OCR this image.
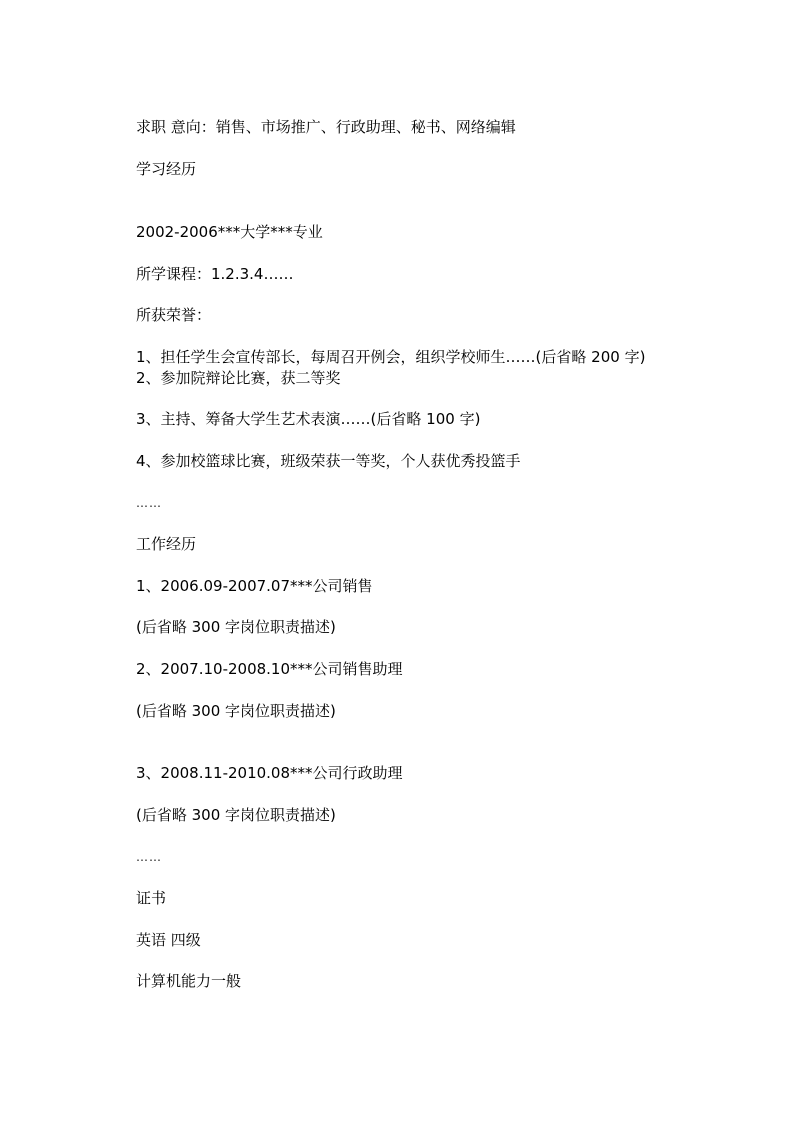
求职 意向：销售、市场推广、行政助理、秘书、网络编辑
学习经历
2002-2006***大学***专业
所学课程：1.2.3.4……
所获荣誉：
1、担任学生会宣传部长，每周召开例会，组织学校师生……(后省略 200 字)
2、参加院辩论比赛，获二等奖
3、主持、筹备大学生艺术表演……(后省略 100 字)
4、参加校篮球比赛，班级荣获一等奖，个人获优秀投篮手
……
工作经历
1、2006.09-2007.07***公司销售
(后省略 300 字岗位职责描述)
2、2007.10-2008.10***公司销售助理
(后省略 300 字岗位职责描述)
3、2008.11-2010.08***公司行政助理
(后省略 300 字岗位职责描述)
……
证书
英语 四级
计算机能力一般
